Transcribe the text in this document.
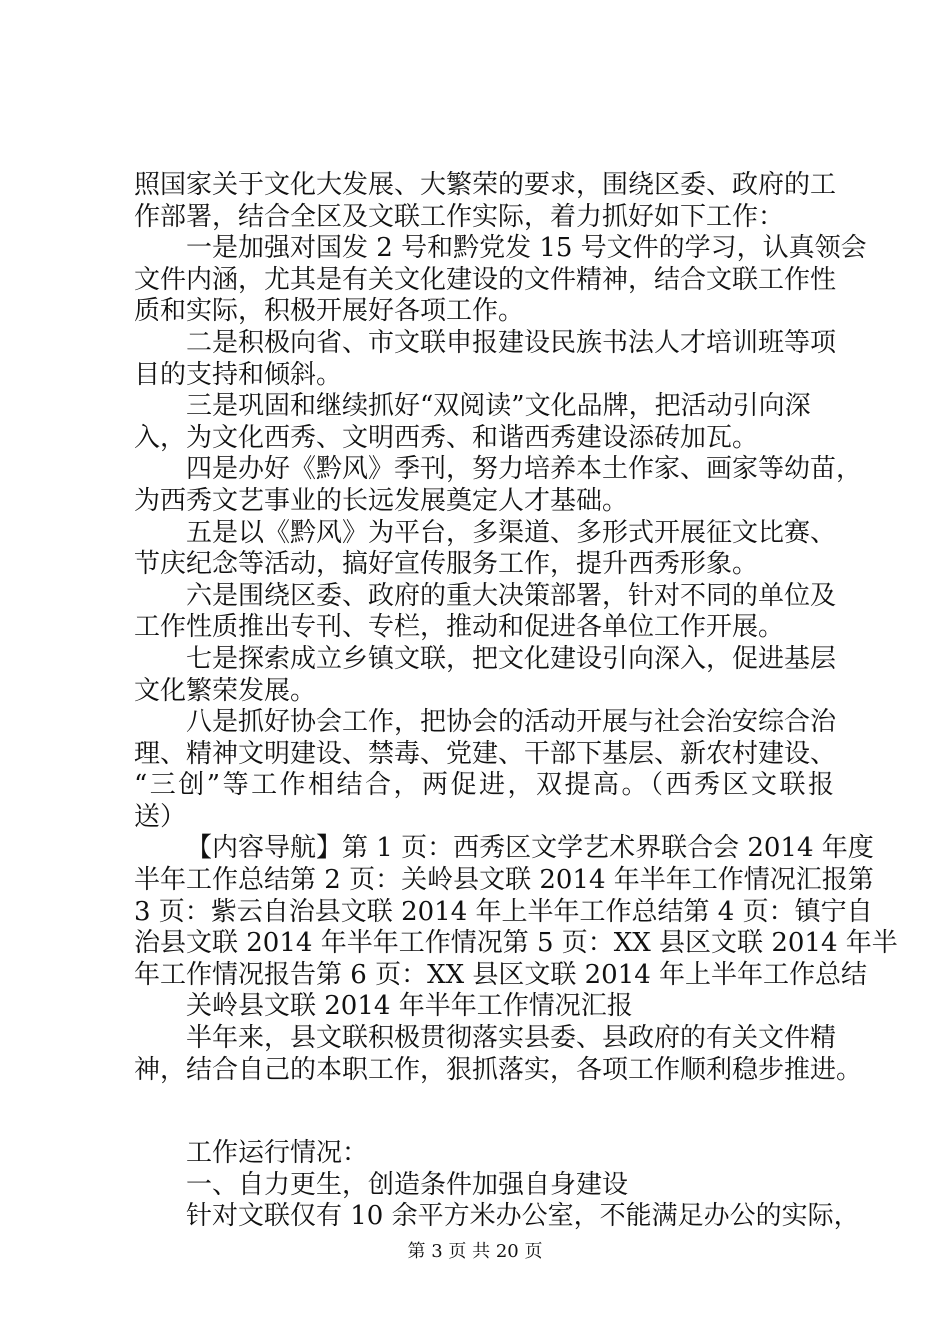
照国家关于文化大发展、大繁荣的要求，围绕区委、政府的工
作部署，结合全区及文联工作实际，着力抓好如下工作：
一是加强对国发 2 号和黔党发 15 号文件的学习，认真领会
文件内涵，尤其是有关文化建设的文件精神，结合文联工作性
质和实际，积极开展好各项工作。
二是积极向省、市文联申报建设民族书法人才培训班等项
目的支持和倾斜。
三是巩固和继续抓好“双阅读”文化品牌，把活动引向深
入，为文化西秀、文明西秀、和谐西秀建设添砖加瓦。
四是办好《黔风》季刊，努力培养本土作家、画家等幼苗，
为西秀文艺事业的长远发展奠定人才基础。
五是以《黔风》为平台，多渠道、多形式开展征文比赛、
节庆纪念等活动，搞好宣传服务工作，提升西秀形象。
六是围绕区委、政府的重大决策部署，针对不同的单位及
工作性质推出专刊、专栏，推动和促进各单位工作开展。
七是探索成立乡镇文联，把文化建设引向深入，促进基层
文化繁荣发展。
八是抓好协会工作，把协会的活动开展与社会治安综合治
理、精神文明建设、禁毒、党建、干部下基层、新农村建设、
“三创”等工作相结合，两促进，双提高。（西秀区文联报
送）
【内容导航】第 1 页：西秀区文学艺术界联合会 2014 年度
半年工作总结第 2 页：关岭县文联 2014 年半年工作情况汇报第
3 页：紫云自治县文联 2014 年上半年工作总结第 4 页：镇宁自
治县文联 2014 年半年工作情况第 5 页：XX 县区文联 2014 年半
年工作情况报告第 6 页：XX 县区文联 2014 年上半年工作总结
关岭县文联 2014 年半年工作情况汇报
半年来，县文联积极贯彻落实县委、县政府的有关文件精
神，结合自己的本职工作，狠抓落实，各项工作顺利稳步推进。
工作运行情况：
一、自力更生，创造条件加强自身建设
针对文联仅有 10 余平方米办公室，不能满足办公的实际，
第 3 页 共 20 页
